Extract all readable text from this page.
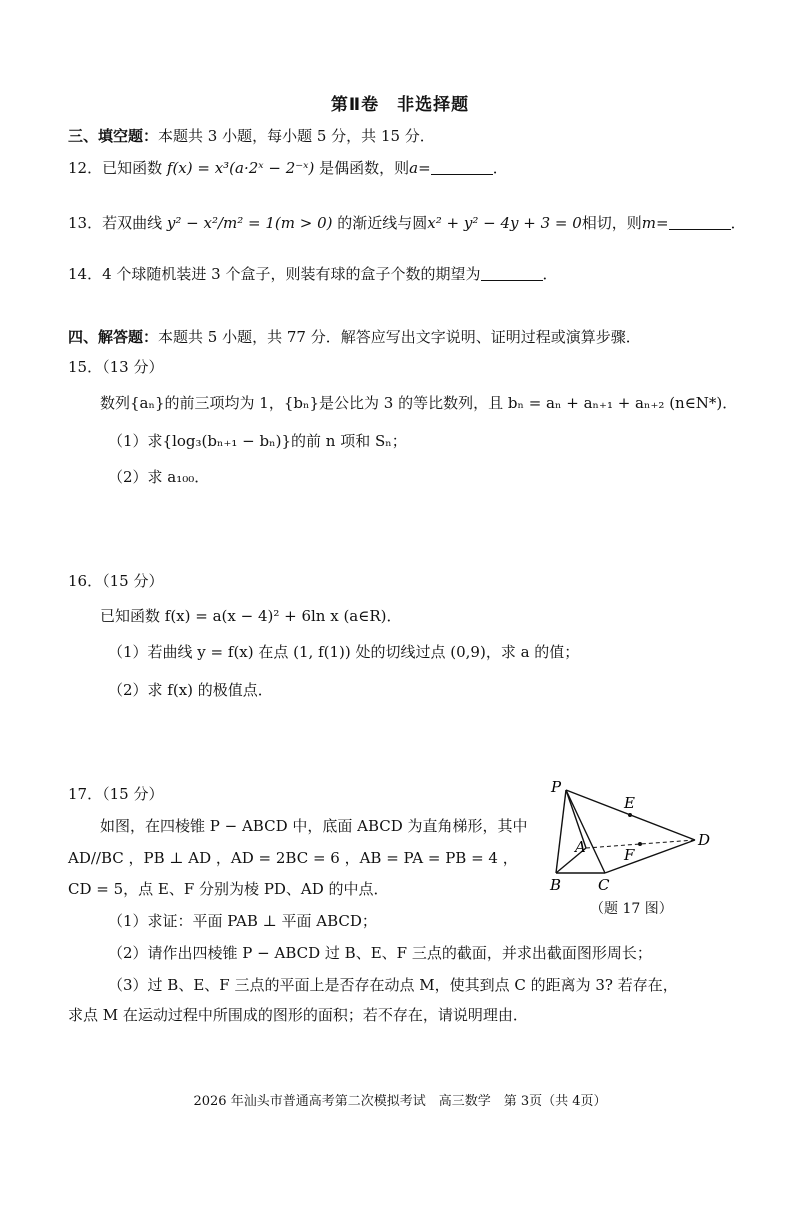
第Ⅱ卷　非选择题
三、填空题：本题共 3 小题，每小题 5 分，共 15 分．
12．已知函数 f(x) = x³(a·2ˣ − 2⁻ˣ) 是偶函数，则a=	．
13．若双曲线 y² − x²/m² = 1(m > 0) 的渐近线与圆x² + y² − 4y + 3 = 0相切，则m=	．
14．4 个球随机装进 3 个盒子，则装有球的盒子个数的期望为	．
四、解答题：本题共 5 小题，共 77 分．解答应写出文字说明、证明过程或演算步骤．
15．（13 分）
数列{aₙ}的前三项均为 1，{bₙ}是公比为 3 的等比数列，且 bₙ = aₙ + aₙ₊₁ + aₙ₊₂ (n∈N*)．
（1）求{log₃(bₙ₊₁ − bₙ)}的前 n 项和 Sₙ；
（2）求 a₁₀₀．
16．（15 分）
已知函数 f(x) = a(x − 4)² + 6ln x (a∈R)．
（1）若曲线 y = f(x) 在点 (1, f(1)) 处的切线过点 (0,9)，求 a 的值；
（2）求 f(x) 的极值点．
17．（15 分）
如图，在四棱锥 P − ABCD 中，底面 ABCD 为直角梯形，其中
AD//BC ，PB ⊥ AD ，AD = 2BC = 6 ，AB = PA = PB = 4 ，
CD = 5，点 E、F 分别为棱 PD、AD 的中点．
（1）求证：平面 PAB ⊥ 平面 ABCD；
（2）请作出四棱锥 P − ABCD 过 B、E、F 三点的截面，并求出截面图形周长；
（3）过 B、E、F 三点的平面上是否存在动点 M，使其到点 C 的距离为 3? 若存在，
求点 M 在运动过程中所围成的图形的面积；若不存在，请说明理由．
P
E
A	F
D
B C
（题 17 图）
2026 年汕头市普通高考第二次模拟考试　高三数学　第 3页（共 4页）
